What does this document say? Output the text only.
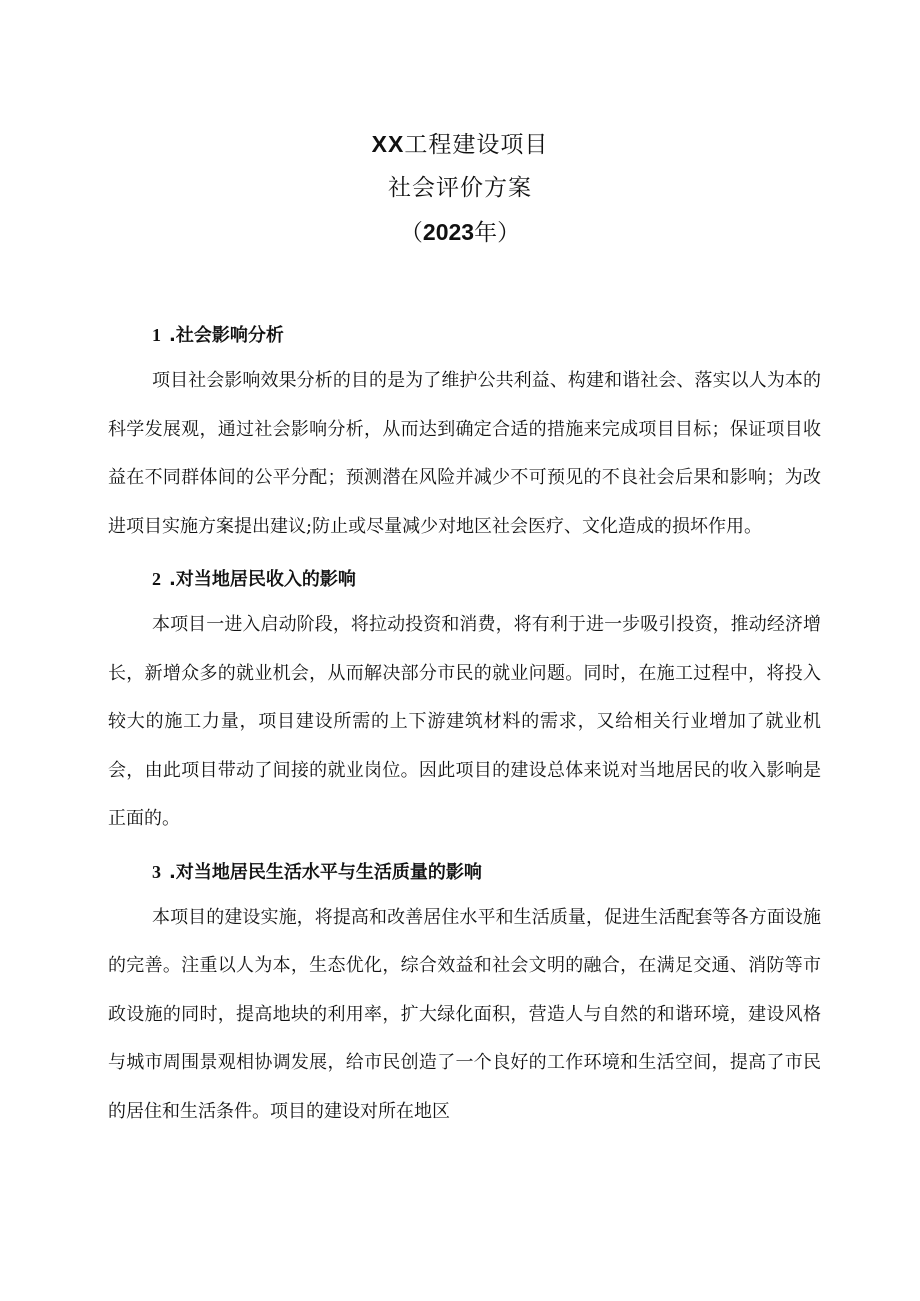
XX工程建设项目
社会评价方案
（2023年）
1 .社会影响分析

项目社会影响效果分析的目的是为了维护公共利益、构建和谐社会、落实以人为本的科学发展观，通过社会影响分析，从而达到确定合适的措施来完成项目目标；保证项目收益在不同群体间的公平分配；预测潜在风险并减少不可预见的不良社会后果和影响；为改进项目实施方案提出建议;防止或尽量减少对地区社会医疗、文化造成的损坏作用。

2 .对当地居民收入的影响

本项目一进入启动阶段，将拉动投资和消费，将有利于进一步吸引投资，推动经济增长，新增众多的就业机会，从而解决部分市民的就业问题。同时，在施工过程中，将投入较大的施工力量，项目建设所需的上下游建筑材料的需求，又给相关行业增加了就业机会，由此项目带动了间接的就业岗位。因此项目的建设总体来说对当地居民的收入影响是正面的。

3 .对当地居民生活水平与生活质量的影响

本项目的建设实施，将提高和改善居住水平和生活质量，促进生活配套等各方面设施的完善。注重以人为本，生态优化，综合效益和社会文明的融合，在满足交通、消防等市政设施的同时，提高地块的利用率，扩大绿化面积，营造人与自然的和谐环境，建设风格与城市周围景观相协调发展，给市民创造了一个良好的工作环境和生活空间，提高了市民的居住和生活条件。项目的建设对所在地区
